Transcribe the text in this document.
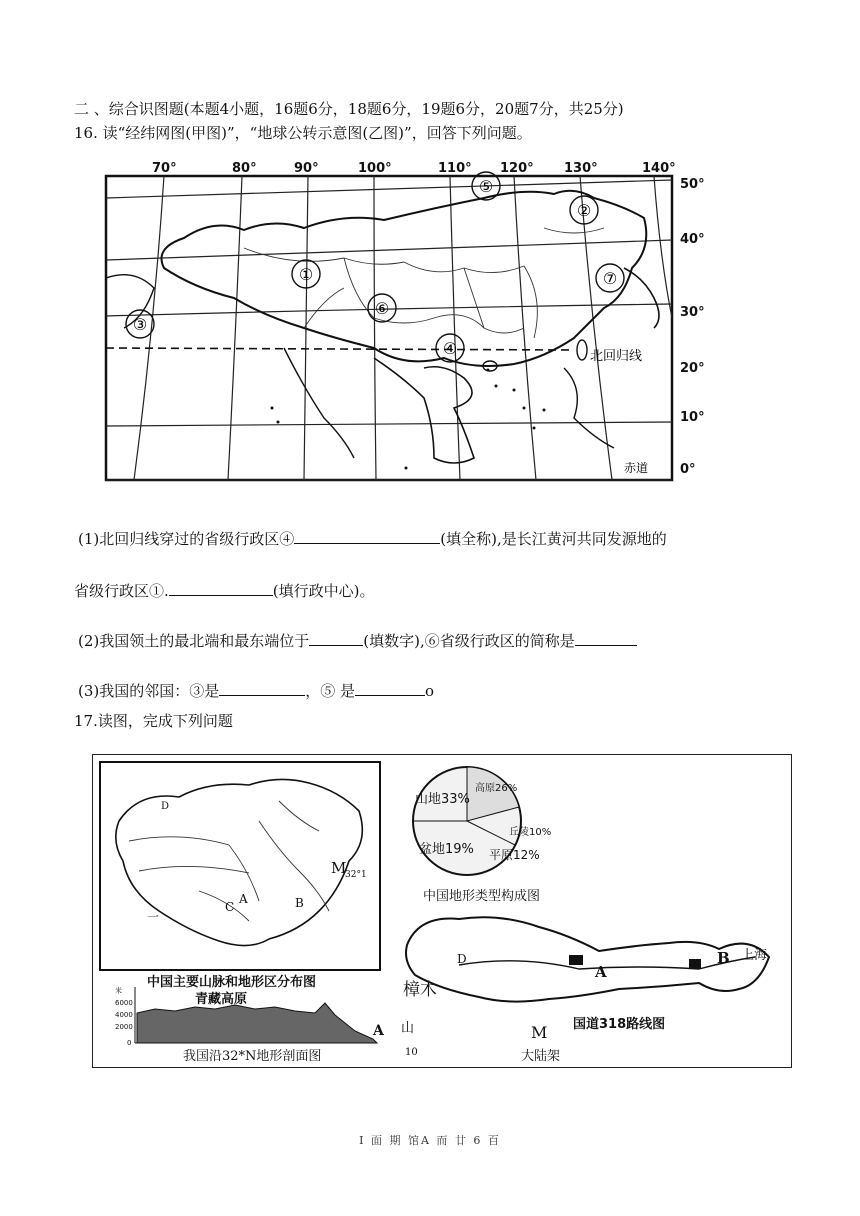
二 、综合识图题(本题4小题，16题6分，18题6分，19题6分，20题7分，共25分)
16. 读“经纬网图(甲图)”，“地球公转示意图(乙图)”，回答下列问题。
70°	80°	90°	100°	110° 120° 130°	140°
50°
40°
30°
20°
10°
0°
北回归线
赤道
①
②
③
④
⑤
⑥
⑦
(1)北回归线穿过的省级行政区④	(填全称),是长江黄河共同发源地的
省级行政区①.	(填行政中心)。
(2)我国领土的最北端和最东端位于	(填数字),⑥省级行政区的简称是
(3)我国的邻国：③是	，⑤ 是	o
17.读图，完成下列问题
M
32°1
A	B
C
D
一
中国主要山脉和地形区分布图
米
6000
4000
2000
0
青藏高原
A
我国沿32*N地形剖面图
山地33%
高原26%
丘陵10%
盆地19% 平原12%
中国地形类型构成图
D
A
B 上海
樟木
国道318路线图
山
10
M
大陆架
I 面 期 馆A 而 廿 6 百
